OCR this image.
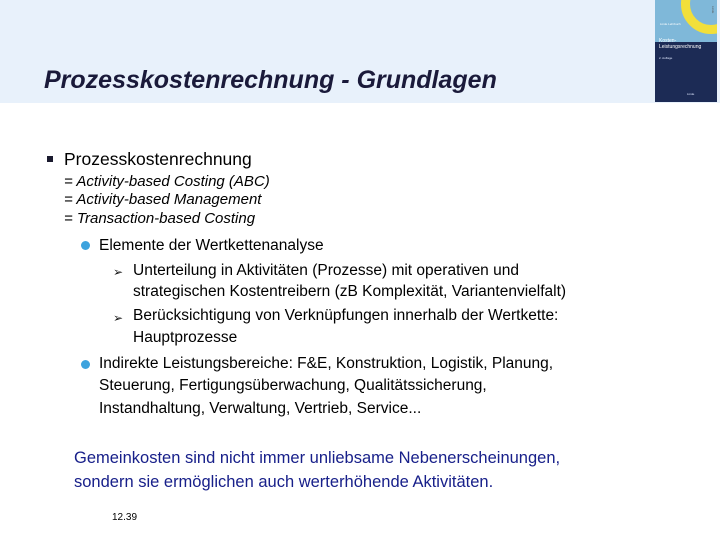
Prozesskostenrechnung - Grundlagen
Linde Lehrbuch
Kosten-
Leistungsrechnung
2. Auflage
Linde
Linde
Prozesskostenrechnung
= Activity-based Costing (ABC)
= Activity-based Management
= Transaction-based Costing
Elemente der Wertkettenanalyse
➢ Unterteilung in Aktivitäten (Prozesse) mit operativen und
strategischen Kostentreibern (zB Komplexität, Variantenvielfalt)
➢ Berücksichtigung von Verknüpfungen innerhalb der Wertkette:
Hauptprozesse
Indirekte Leistungsbereiche: F&E, Konstruktion, Logistik, Planung,
Steuerung, Fertigungsüberwachung, Qualitätssicherung,
Instandhaltung, Verwaltung, Vertrieb, Service...
Gemeinkosten sind nicht immer unliebsame Nebenerscheinungen,
sondern sie ermöglichen auch werterhöhende Aktivitäten.
12.39
